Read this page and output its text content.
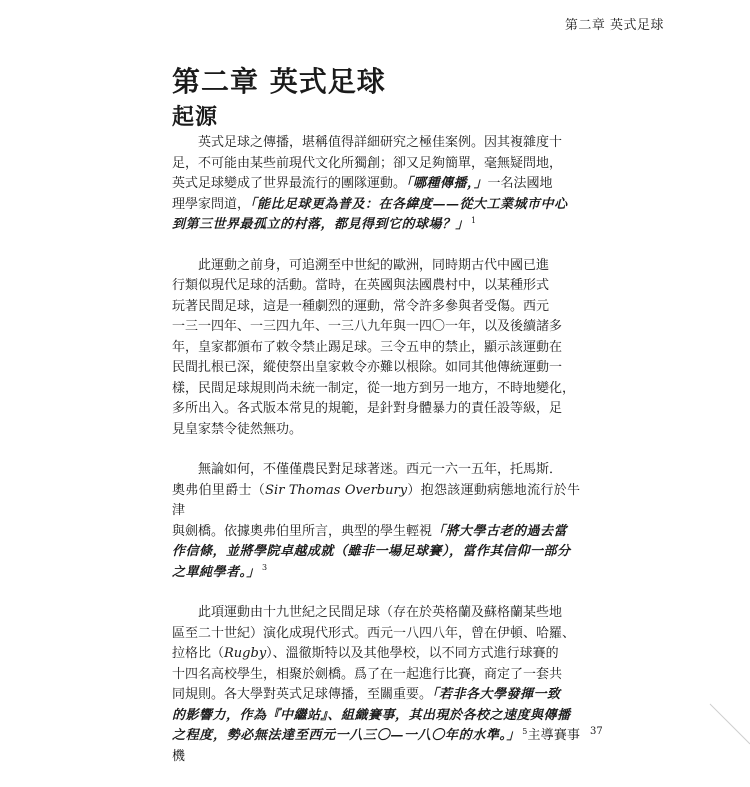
第二章 英式足球
第二章 英式足球
起源

英式足球之傳播，堪稱值得詳細研究之極佳案例。因其複雜度十

足，不可能由某些前現代文化所獨創；卻又足夠簡單，毫無疑問地，

英式足球變成了世界最流行的團隊運動。「哪種傳播，」一名法國地

理學家問道，「能比足球更為普及：在各緯度——從大工業城市中心

到第三世界最孤立的村落，都見得到它的球場？」 $^1$

此運動之前身，可追溯至中世紀的歐洲，同時期古代中國已進

行類似現代足球的活動。當時，在英國與法國農村中，以某種形式

玩著民間足球，這是一種劇烈的運動，常令許多參與者受傷。西元

一三一四年、一三四九年、一三八九年與一四〇一年，以及後續諸多

年，皇家都頒布了敕令禁止踢足球。三令五申的禁止，顯示該運動在

民間扎根已深，縱使祭出皇家敕令亦難以根除。如同其他傳統運動一

樣，民間足球規則尚未統一制定，從一地方到另一地方，不時地變化，

多所出入。各式版本常見的規範，是針對身體暴力的責任設等級，足

見皇家禁令徒然無功。

無論如何，不僅僅農民對足球著迷。西元一六一五年，托馬斯．

奧弗伯里爵士（Sir Thomas Overbury）抱怨該運動病態地流行於牛津

與劍橋。依據奧弗伯里所言，典型的學生輕視「將大學古老的過去當

作信條，並將學院卓越成就（雖非一場足球賽），當作其信仰一部分

之單純學者。」 $^3$

此項運動由十九世紀之民間足球（存在於英格蘭及蘇格蘭某些地

區至二十世紀）演化成現代形式。西元一八四八年，曾在伊頓、哈羅、

拉格比（Rugby）、溫徹斯特以及其他學校，以不同方式進行球賽的

十四名高校學生，相聚於劍橋。爲了在一起進行比賽，商定了一套共

同規則。各大學對英式足球傳播，至關重要。「若非各大學發揮一致

的影響力，作為『中繼站』、組織賽事，其出現於各校之速度與傳播

之程度，勢必無法達至西元一八三〇—一八〇年的水準。」 $^5$主導賽事機

37
